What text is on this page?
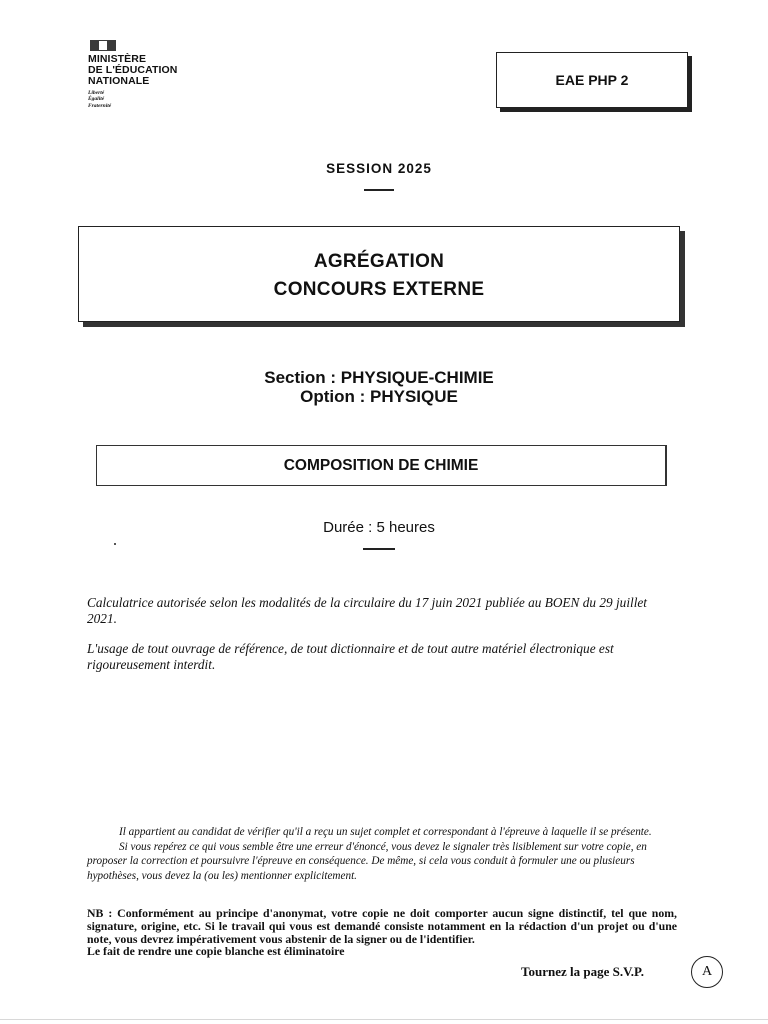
MINISTÈRE
DE L'ÉDUCATION
NATIONALE
Liberté
Égalité
Fraternité
EAE PHP 2
SESSION 2025
AGRÉGATION
CONCOURS EXTERNE
Section : PHYSIQUE-CHIMIE
Option : PHYSIQUE
COMPOSITION DE CHIMIE
Durée : 5 heures
Calculatrice autorisée selon les modalités de la circulaire du 17 juin 2021 publiée au BOEN du 29 juillet 2021.
L'usage de tout ouvrage de référence, de tout dictionnaire et de tout autre matériel électronique est rigoureusement interdit.

Il appartient au candidat de vérifier qu'il a reçu un sujet complet et correspondant à l'épreuve à laquelle il se présente.

Si vous repérez ce qui vous semble être une erreur d'énoncé, vous devez le signaler très lisiblement sur votre copie, en proposer la correction et poursuivre l'épreuve en conséquence. De même, si cela vous conduit à formuler une ou plusieurs hypothèses, vous devez la (ou les) mentionner explicitement.

NB : Conformément au principe d'anonymat, votre copie ne doit comporter aucun signe distinctif, tel que nom, signature, origine, etc. Si le travail qui vous est demandé consiste notamment en la rédaction d'un projet ou d'une note, vous devrez impérativement vous abstenir de la signer ou de l'identifier.

Le fait de rendre une copie blanche est éliminatoire

Tournez la page S.V.P.	A
